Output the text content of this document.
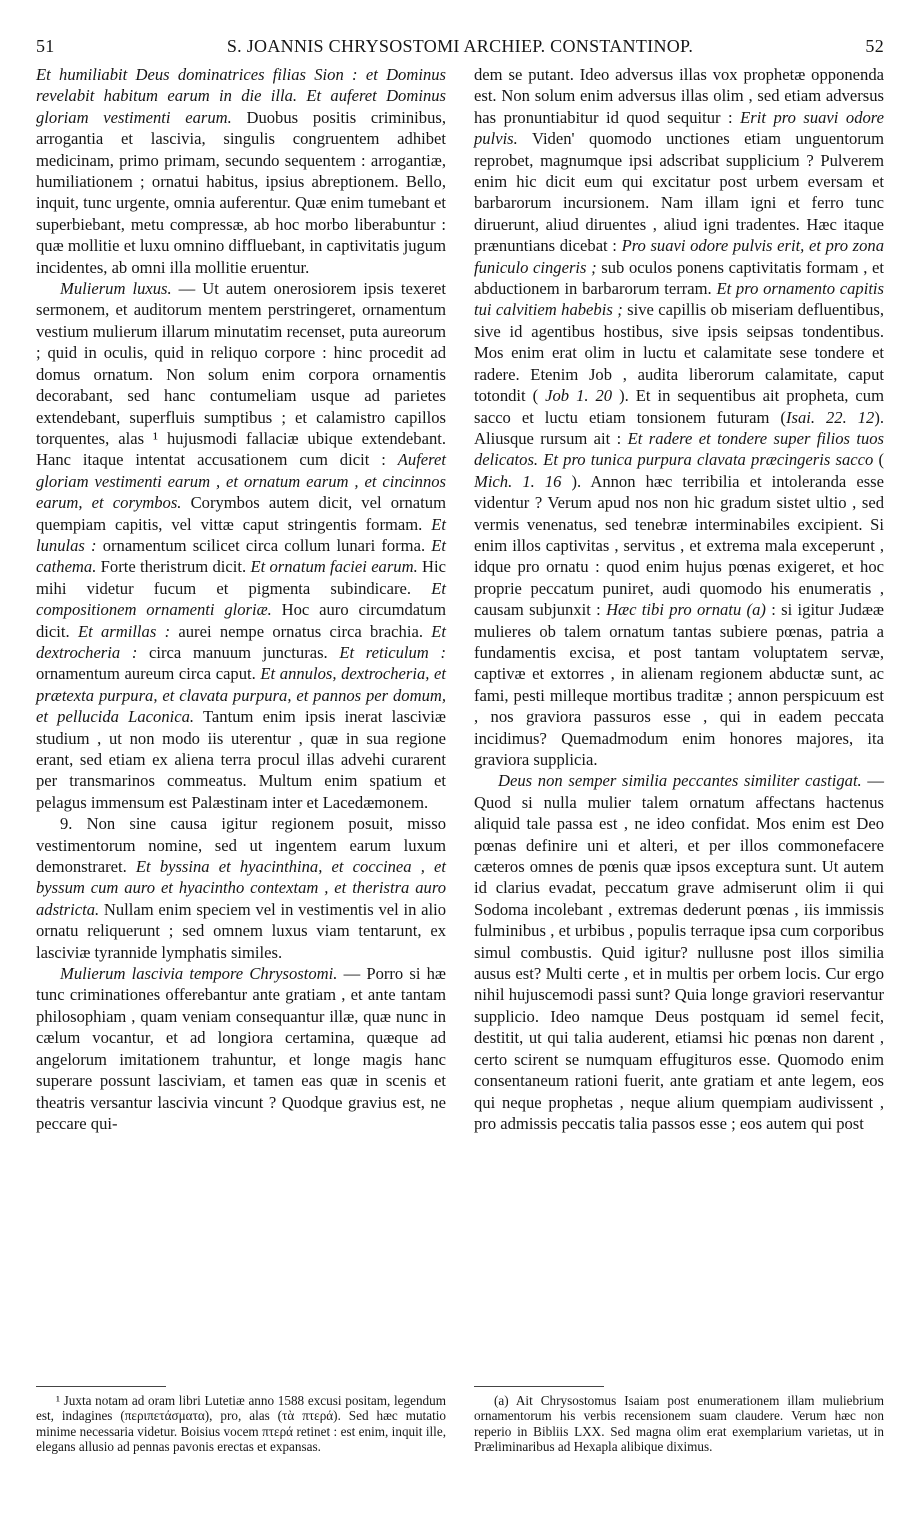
51	S. JOANNIS CHRYSOSTOMI ARCHIEP. CONSTANTINOP.	52

Et humiliabit Deus dominatrices filias Sion : et Dominus revelabit habitum earum in die illa. Et auferet Dominus gloriam vestimenti earum. Duobus positis criminibus, arrogantia et lascivia, singulis congruentem adhibet medicinam, primo primam, secundo sequentem : arrogantiæ, humiliationem ; ornatui habitus, ipsius abreptionem. Bello, inquit, tunc urgente, omnia auferentur. Quæ enim tumebant et superbiebant, metu compressæ, ab hoc morbo liberabuntur : quæ mollitie et luxu omnino diffluebant, in captivitatis jugum incidentes, ab omni illa mollitie eruentur.

Mulierum luxus. — Ut autem onerosiorem ipsis texeret sermonem, et auditorum mentem perstringeret, ornamentum vestium mulierum illarum minutatim recenset, puta aureorum ; quid in oculis, quid in reliquo corpore : hinc procedit ad domus ornatum. Non solum enim corpora ornamentis decorabant, sed hanc contumeliam usque ad parietes extendebant, superfluis sumptibus ; et calamistro capillos torquentes, alas ¹ hujusmodi fallaciæ ubique extendebant. Hanc itaque intentat accusationem cum dicit : Auferet gloriam vestimenti earum , et ornatum earum , et cincinnos earum, et corymbos. Corymbos autem dicit, vel ornatum quempiam capitis, vel vittæ caput stringentis formam. Et lunulas : ornamentum scilicet circa collum lunari forma. Et cathema. Forte theristrum dicit. Et ornatum faciei earum. Hic mihi videtur fucum et pigmenta subindicare. Et compositionem ornamenti gloriæ. Hoc auro circumdatum dicit. Et armillas : aurei nempe ornatus circa brachia. Et dextrocheria : circa manuum juncturas. Et reticulum : ornamentum aureum circa caput. Et annulos, dextrocheria, et prætexta purpura, et clavata purpura, et pannos per domum, et pellucida Laconica. Tantum enim ipsis inerat lasciviæ studium , ut non modo iis uterentur , quæ in sua regione erant, sed etiam ex aliena terra procul illas advehi curarent per transmarinos commeatus. Multum enim spatium et pelagus immensum est Palæstinam inter et Lacedæmonem.

9. Non sine causa igitur regionem posuit, misso vestimentorum nomine, sed ut ingentem earum luxum demonstraret. Et byssina et hyacinthina, et coccinea , et byssum cum auro et hyacintho contextam , et theristra auro adstricta. Nullam enim speciem vel in vestimentis vel in alio ornatu reliquerunt ; sed omnem luxus viam tentarunt, ex lasciviæ tyrannide lymphatis similes.

Mulierum lascivia tempore Chrysostomi. — Porro si hæ tunc criminationes offerebantur ante gratiam , et ante tantam philosophiam , quam veniam consequantur illæ, quæ nunc in cælum vocantur, et ad longiora certamina, quæque ad angelorum imitationem trahuntur, et longe magis hanc superare possunt lasciviam, et tamen eas quæ in scenis et theatris versantur lascivia vincunt ? Quodque gravius est, ne peccare qui-

¹ Juxta notam ad oram libri Lutetiæ anno 1588 excusi positam, legendum est, indagines (περιπετάσματα), pro, alas (τὰ πτερά). Sed hæc mutatio minime necessaria videtur. Boisius vocem πτερά retinet : est enim, inquit ille, elegans allusio ad pennas pavonis erectas et expansas.

dem se putant. Ideo adversus illas vox prophetæ opponenda est. Non solum enim adversus illas olim , sed etiam adversus has pronuntiabitur id quod sequitur : Erit pro suavi odore pulvis. Viden' quomodo unctiones etiam unguentorum reprobet, magnumque ipsi adscribat supplicium ? Pulverem enim hic dicit eum qui excitatur post urbem eversam et barbarorum incursionem. Nam illam igni et ferro tunc diruerunt, aliud diruentes , aliud igni tradentes. Hæc itaque prænuntians dicebat : Pro suavi odore pulvis erit, et pro zona funiculo cingeris ; sub oculos ponens captivitatis formam , et abductionem in barbarorum terram. Et pro ornamento capitis tui calvitiem habebis ; sive capillis ob miseriam defluentibus, sive id agentibus hostibus, sive ipsis seipsas tondentibus. Mos enim erat olim in luctu et calamitate sese tondere et radere. Etenim Job , audita liberorum calamitate, caput totondit ( Job 1. 20 ). Et in sequentibus ait propheta, cum sacco et luctu etiam tonsionem futuram (Isai. 22. 12). Aliusque rursum ait : Et radere et tondere super filios tuos delicatos. Et pro tunica purpura clavata præcingeris sacco ( Mich. 1. 16 ). Annon hæc terribilia et intoleranda esse videntur ? Verum apud nos non hic gradum sistet ultio , sed vermis venenatus, sed tenebræ interminabiles excipient. Si enim illos captivitas , servitus , et extrema mala exceperunt , idque pro ornatu : quod enim hujus pœnas exigeret, et hoc proprie peccatum puniret, audi quomodo his enumeratis , causam subjunxit : Hæc tibi pro ornatu (a) : si igitur Judææ mulieres ob talem ornatum tantas subiere pœnas, patria a fundamentis excisa, et post tantam voluptatem servæ, captivæ et extorres , in alienam regionem abductæ sunt, ac fami, pesti milleque mortibus traditæ ; annon perspicuum est , nos graviora passuros esse , qui in eadem peccata incidimus? Quemadmodum enim honores majores, ita graviora supplicia.

Deus non semper similia peccantes similiter castigat. — Quod si nulla mulier talem ornatum affectans hactenus aliquid tale passa est , ne ideo confidat. Mos enim est Deo pœnas definire uni et alteri, et per illos commonefacere cæteros omnes de pœnis quæ ipsos exceptura sunt. Ut autem id clarius evadat, peccatum grave admiserunt olim ii qui Sodoma incolebant , extremas dederunt pœnas , iis immissis fulminibus , et urbibus , populis terraque ipsa cum corporibus simul combustis. Quid igitur? nullusne post illos similia ausus est? Multi certe , et in multis per orbem locis. Cur ergo nihil hujuscemodi passi sunt? Quia longe graviori reservantur supplicio. Ideo namque Deus postquam id semel fecit, destitit, ut qui talia auderent, etiamsi hic pœnas non darent , certo scirent se numquam effugituros esse. Quomodo enim consentaneum rationi fuerit, ante gratiam et ante legem, eos qui neque prophetas , neque alium quempiam audivissent , pro admissis peccatis talia passos esse ; eos autem qui post

(a) Ait Chrysostomus Isaiam post enumerationem illam muliebrium ornamentorum his verbis recensionem suam claudere. Verum hæc non reperio in Bibliis LXX. Sed magna olim erat exemplarium varietas, ut in Præliminaribus ad Hexapla alibique diximus.
